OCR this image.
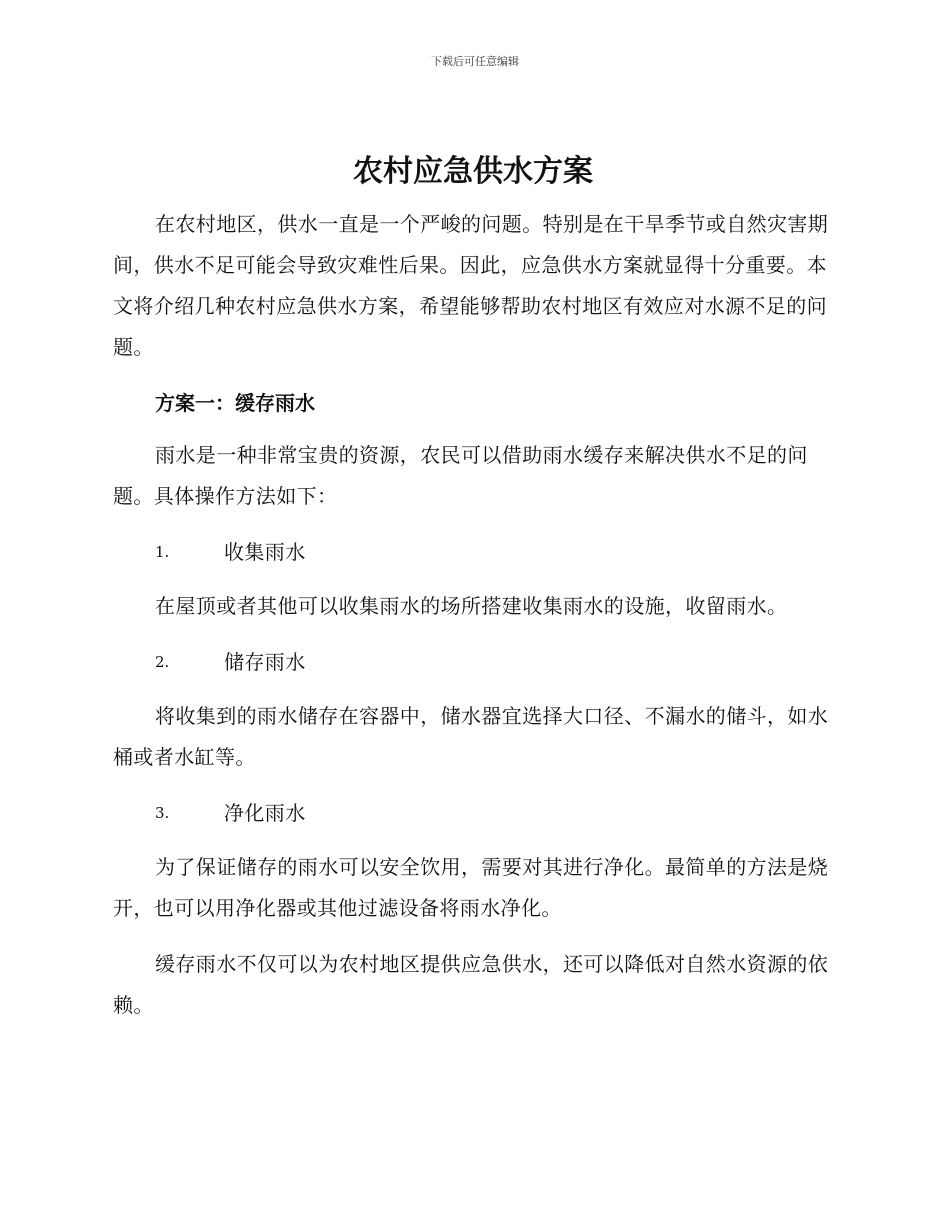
下载后可任意编辑
农村应急供水方案

在农村地区，供水一直是一个严峻的问题。特别是在干旱季节或自然灾害期间，供水不足可能会导致灾难性后果。因此，应急供水方案就显得十分重要。本文将介绍几种农村应急供水方案，希望能够帮助农村地区有效应对水源不足的问题。

方案一：缓存雨水

雨水是一种非常宝贵的资源，农民可以借助雨水缓存来解决供水不足的问题。具体操作方法如下：

1.	收集雨水

在屋顶或者其他可以收集雨水的场所搭建收集雨水的设施，收留雨水。

2.	储存雨水

将收集到的雨水储存在容器中，储水器宜选择大口径、不漏水的储斗，如水桶或者水缸等。

3.	净化雨水

为了保证储存的雨水可以安全饮用，需要对其进行净化。最简单的方法是烧开，也可以用净化器或其他过滤设备将雨水净化。

缓存雨水不仅可以为农村地区提供应急供水，还可以降低对自然水资源的依赖。
